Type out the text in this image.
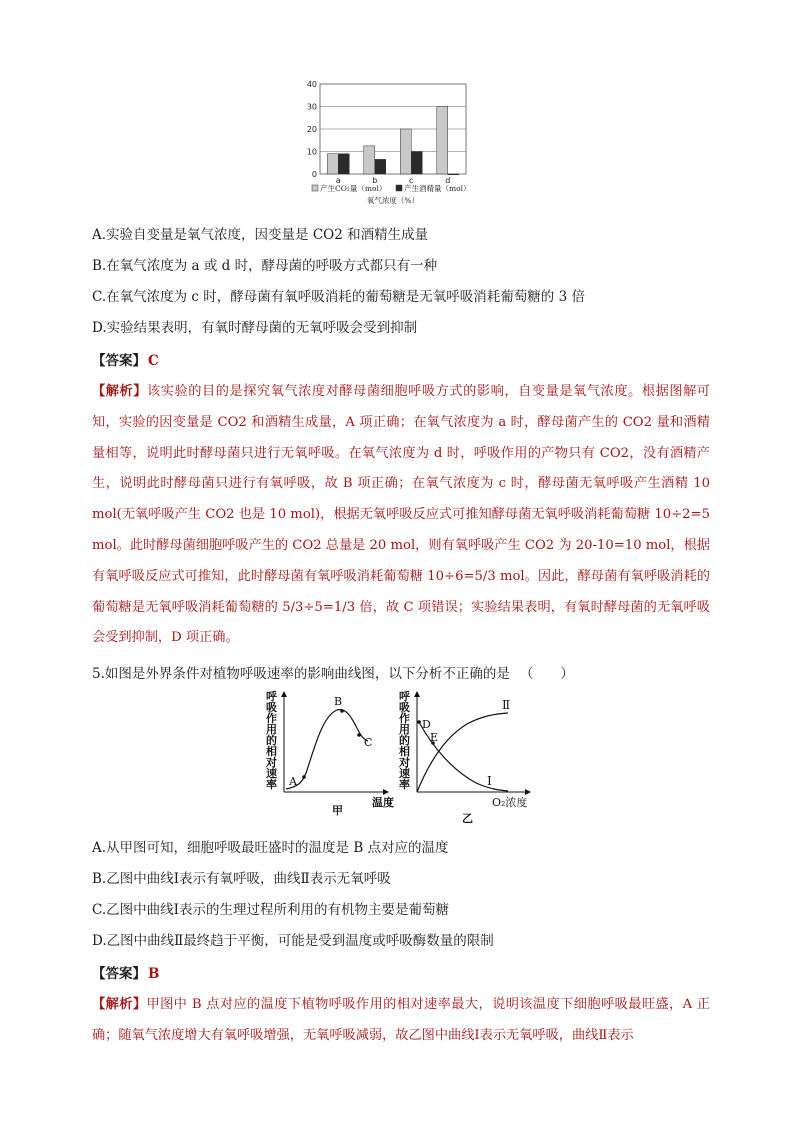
0
10
20
30
40
a	b	c	d
产生CO₂量（mol） 产生酒精量（mol）
氧气浓度（%）
A.实验自变量是氧气浓度，因变量是 CO2 和酒精生成量
B.在氧气浓度为 a 或 d 时，酵母菌的呼吸方式都只有一种
C.在氧气浓度为 c 时，酵母菌有氧呼吸消耗的葡萄糖是无氧呼吸消耗葡萄糖的 3 倍
D.实验结果表明，有氧时酵母菌的无氧呼吸会受到抑制
【答案】 C
【解析】该实验的目的是探究氧气浓度对酵母菌细胞呼吸方式的影响，自变量是氧气浓度。根据图解可知，实验的因变量是 CO2 和酒精生成量，A 项正确；在氧气浓度为 a 时，酵母菌产生的 CO2 量和酒精量相等，说明此时酵母菌只进行无氧呼吸。在氧气浓度为 d 时，呼吸作用的产物只有 CO2，没有酒精产生，说明此时酵母菌只进行有氧呼吸，故 B 项正确；在氧气浓度为 c 时，酵母菌无氧呼吸产生酒精 10 mol(无氧呼吸产生 CO2 也是 10 mol)，根据无氧呼吸反应式可推知酵母菌无氧呼吸消耗葡萄糖 10÷2=5 mol。此时酵母菌细胞呼吸产生的 CO2 总量是 20 mol，则有氧呼吸产生 CO2 为 20-10=10 mol，根据有氧呼吸反应式可推知，此时酵母菌有氧呼吸消耗葡萄糖 10÷6=5/3 mol。因此，酵母菌有氧呼吸消耗的葡萄糖是无氧呼吸消耗葡萄糖的 5/3÷5=1/3 倍，故 C 项错误；实验结果表明，有氧时酵母菌的无氧呼吸会受到抑制，D 项正确。
5.如图是外界条件对植物呼吸速率的影响曲线图，以下分析不正确的是 （　　）
呼吸作用的相对速率 A
B
C
温度
甲
呼吸作用的相对速率
D
E
Ⅱ
Ⅰ
O₂浓度
乙
A.从甲图可知，细胞呼吸最旺盛时的温度是 B 点对应的温度
B.乙图中曲线Ⅰ表示有氧呼吸，曲线Ⅱ表示无氧呼吸
C.乙图中曲线Ⅰ表示的生理过程所利用的有机物主要是葡萄糖
D.乙图中曲线Ⅱ最终趋于平衡，可能是受到温度或呼吸酶数量的限制
【答案】 B
【解析】甲图中 B 点对应的温度下植物呼吸作用的相对速率最大，说明该温度下细胞呼吸最旺盛，A 正确；随氧气浓度增大有氧呼吸增强，无氧呼吸减弱，故乙图中曲线Ⅰ表示无氧呼吸，曲线Ⅱ表示
